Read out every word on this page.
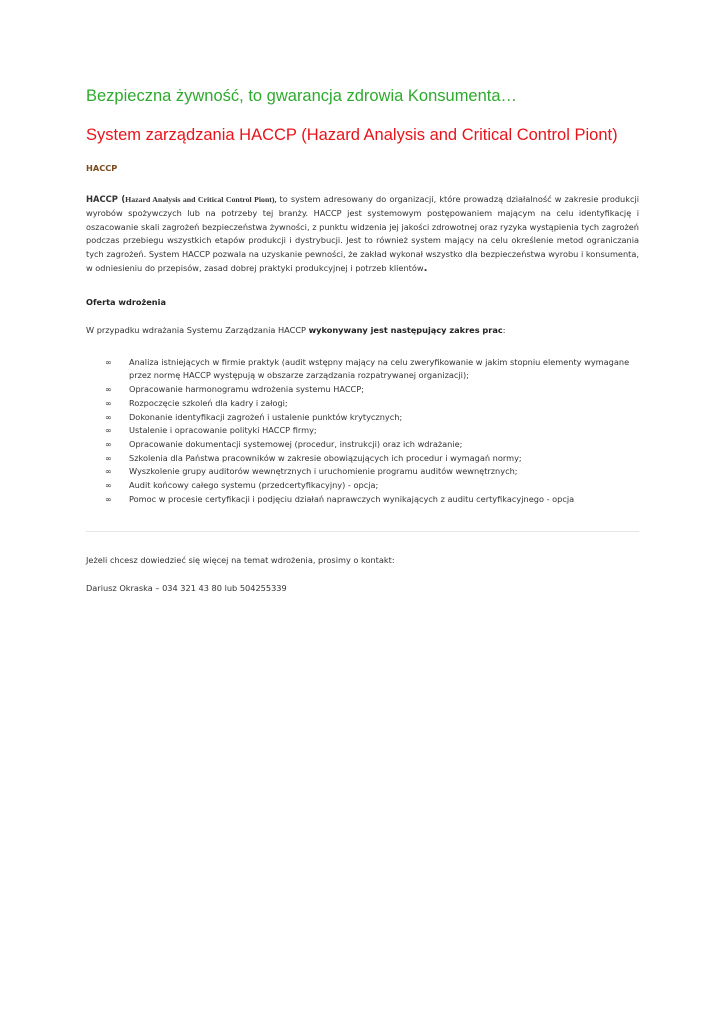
Bezpieczna żywność, to gwarancja zdrowia Konsumenta…
System zarządzania HACCP (Hazard Analysis and Critical Control Piont)
HACCP

HACCP (Hazard Analysis and Critical Control Piont), to system adresowany do organizacji, które prowadzą działalność w zakresie produkcji wyrobów spożywczych lub na potrzeby tej branży. HACCP jest systemowym postępowaniem mającym na celu identyfikację i oszacowanie skali zagrożeń bezpieczeństwa żywności, z punktu widzenia jej jakości zdrowotnej oraz ryzyka wystąpienia tych zagrożeń podczas przebiegu wszystkich etapów produkcji i dystrybucji. Jest to również system mający na celu określenie metod ograniczania tych zagrożeń. System HACCP pozwala na uzyskanie pewności, że zakład wykonał wszystko dla bezpieczeństwa wyrobu i konsumenta, w odniesieniu do przepisów, zasad dobrej praktyki produkcyjnej i potrzeb klientów.

Oferta wdrożenia

W przypadku wdrażania Systemu Zarządzania HACCP wykonywany jest następujący zakres prac:

∞ Analiza istniejących w firmie praktyk (audit wstępny mający na celu zweryfikowanie w jakim stopniu elementy wymagane przez normę HACCP występują w obszarze zarządzania rozpatrywanej organizacji);
∞ Opracowanie harmonogramu wdrożenia systemu HACCP;
∞ Rozpoczęcie szkoleń dla kadry i załogi;
∞ Dokonanie identyfikacji zagrożeń i ustalenie punktów krytycznych;
∞ Ustalenie i opracowanie polityki HACCP firmy;
∞ Opracowanie dokumentacji systemowej (procedur, instrukcji) oraz ich wdrażanie;
∞ Szkolenia dla Państwa pracowników w zakresie obowiązujących ich procedur i wymagań normy;
∞ Wyszkolenie grupy auditorów wewnętrznych i uruchomienie programu auditów wewnętrznych;
∞ Audit końcowy całego systemu (przedcertyfikacyjny) - opcja;
∞ Pomoc w procesie certyfikacji i podjęciu działań naprawczych wynikających z auditu certyfikacyjnego - opcja
Jeżeli chcesz dowiedzieć się więcej na temat wdrożenia, prosimy o kontakt:
Dariusz Okraska – 034 321 43 80 lub 504255339
